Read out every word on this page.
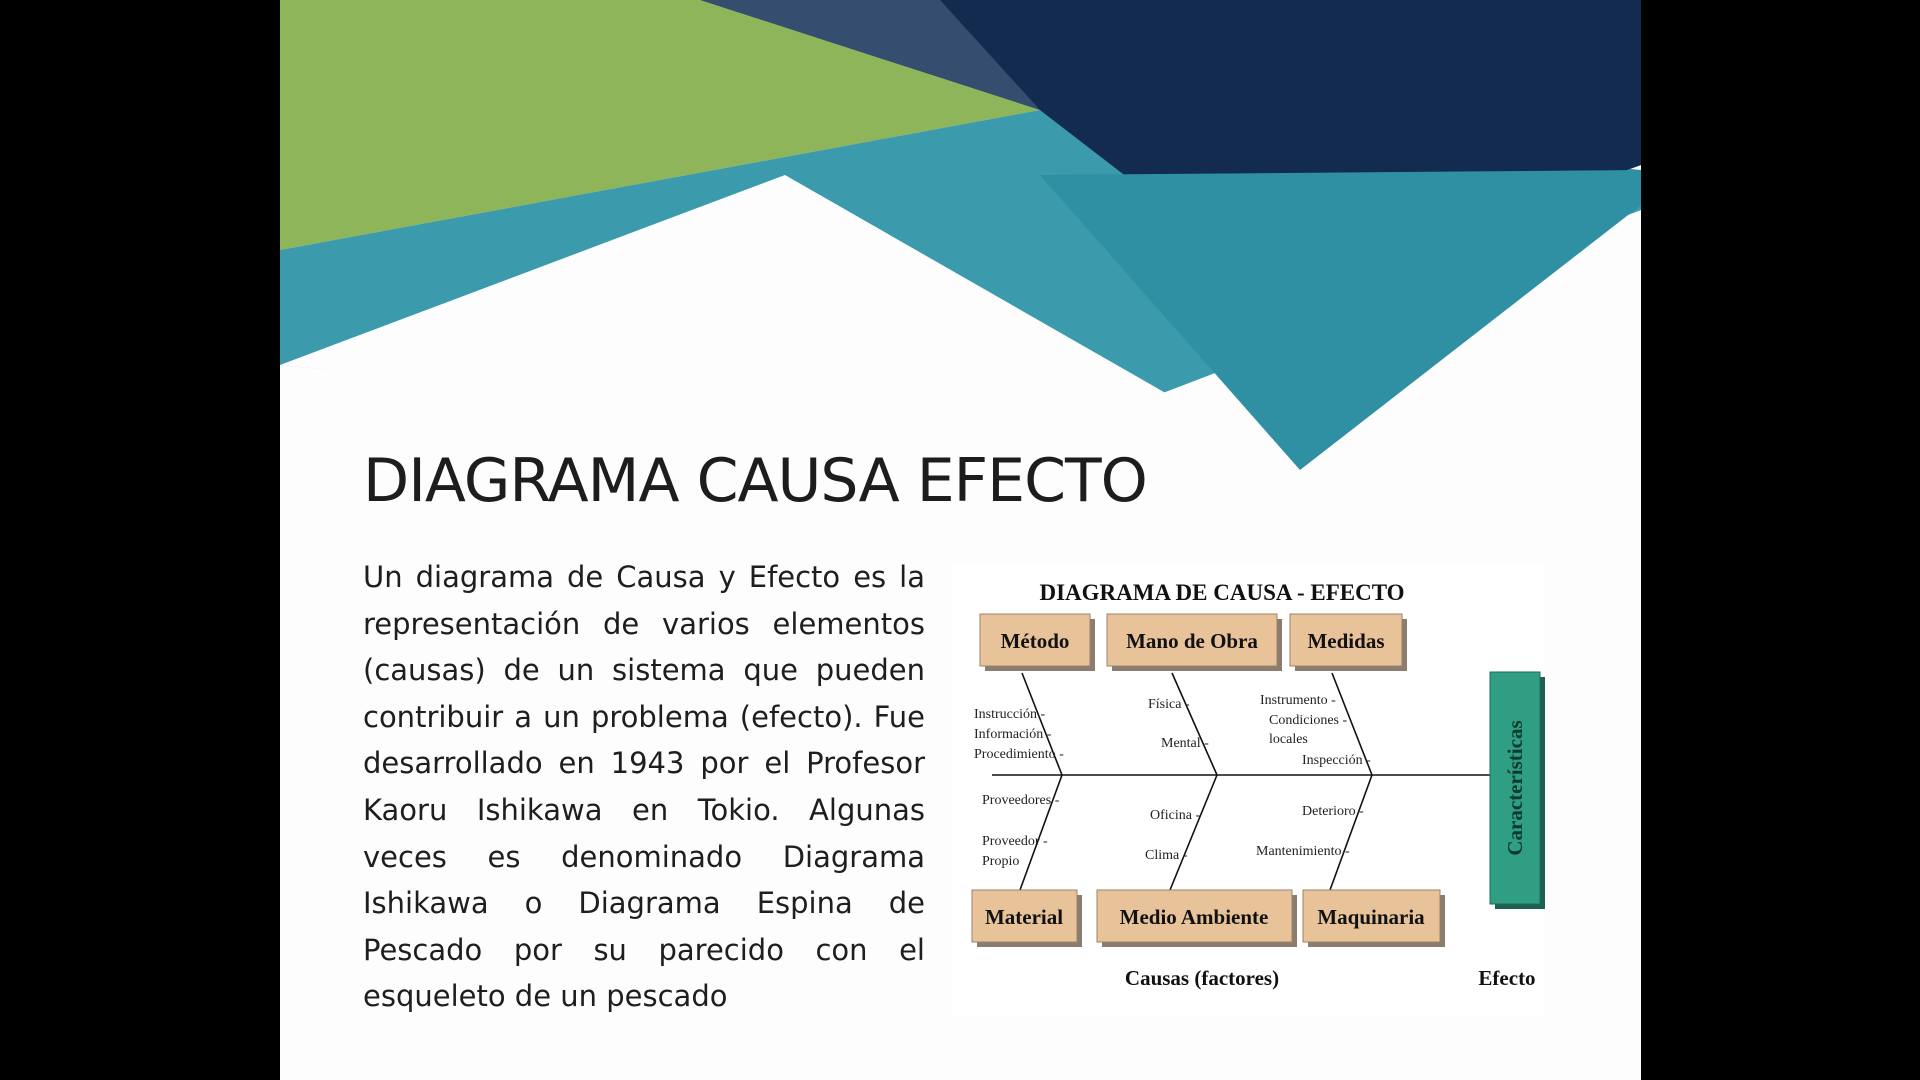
DIAGRAMA CAUSA EFECTO

Un diagrama de Causa y Efecto es la representación de varios elementos (causas) de un sistema que pueden contribuir a un problema (efecto). Fue desarrollado en 1943 por el Profesor Kaoru Ishikawa en Tokio. Algunas veces es denominado Diagrama Ishikawa o Diagrama Espina de Pescado por su parecido con el esqueleto de un pescado

DIAGRAMA DE CAUSA - EFECTO
Método	Mano de Obra Medidas
Material	Medio Ambiente Maquinaria
Instrucción -
Información -
Procedimiento -
Física -
Mental -
Instrumento -
Condiciones -
locales
Inspección -
Proveedores -
Proveedor -
Propio
Oficina -
Clima -
Deterioro -
Mantenimiento -	Características
Causas (factores)	Efecto
